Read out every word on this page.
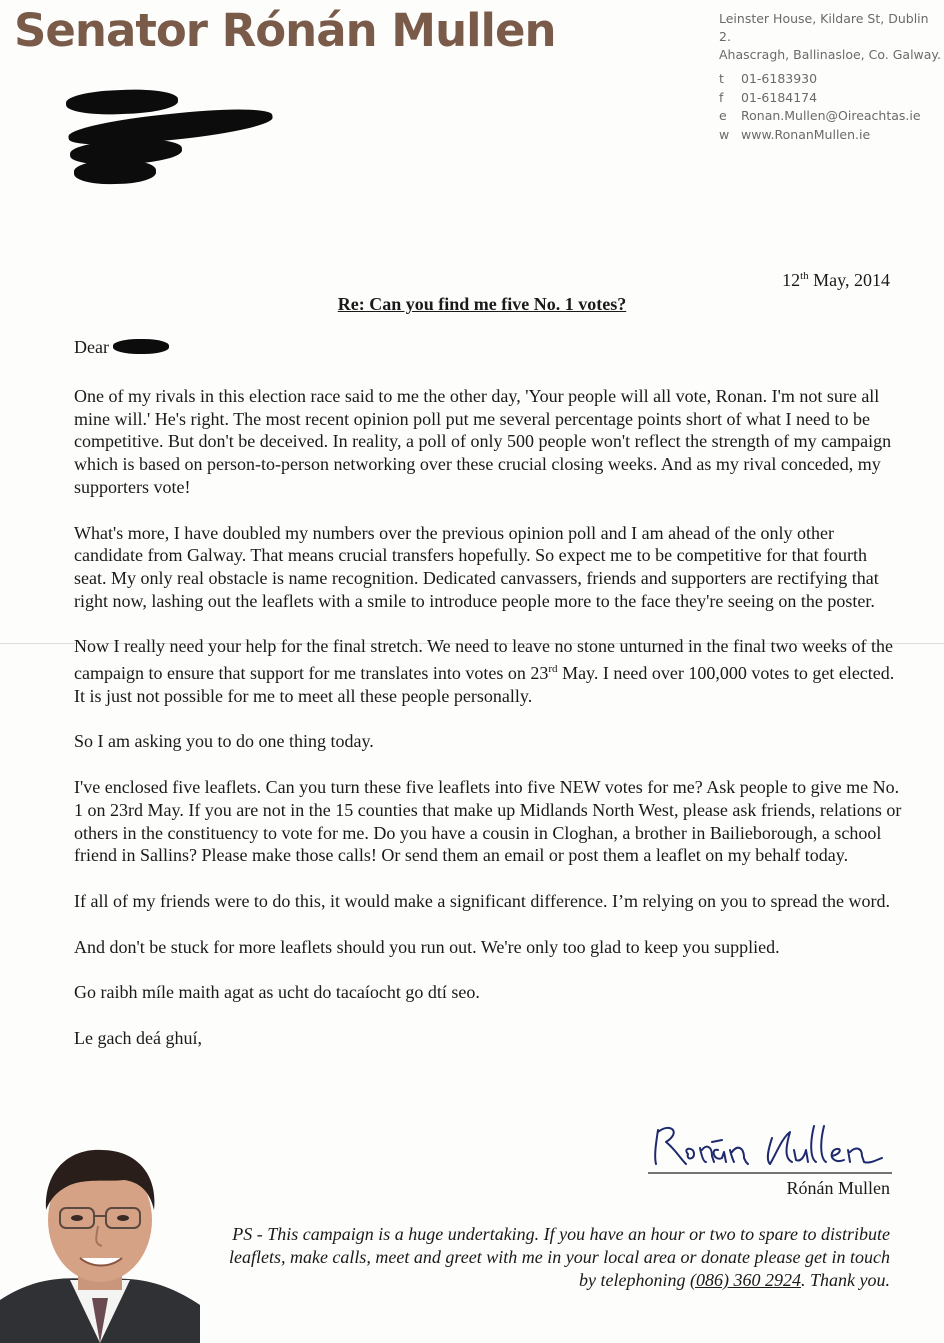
Senator Rónán Mullen	Leinster House, Kildare St, Dublin 2.
Ahascragh, Ballinasloe, Co. Galway.
t 01-6183930
f 01-6184174
e Ronan.Mullen@Oireachtas.ie
w www.RonanMullen.ie
12th May, 2014
Re: Can you find me five No. 1 votes?
Dear

One of my rivals in this election race said to me the other day, 'Your people will all vote, Ronan. I'm not sure all mine will.' He's right. The most recent opinion poll put me several percentage points short of what I need to be competitive. But don't be deceived. In reality, a poll of only 500 people won't reflect the strength of my campaign which is based on person-to-person networking over these crucial closing weeks. And as my rival conceded, my supporters vote!

What's more, I have doubled my numbers over the previous opinion poll and I am ahead of the only other candidate from Galway. That means crucial transfers hopefully. So expect me to be competitive for that fourth seat. My only real obstacle is name recognition. Dedicated canvassers, friends and supporters are rectifying that right now, lashing out the leaflets with a smile to introduce people more to the face they're seeing on the poster.

Now I really need your help for the final stretch. We need to leave no stone unturned in the final two weeks of the campaign to ensure that support for me translates into votes on 23rd May. I need over 100,000 votes to get elected. It is just not possible for me to meet all these people personally.

So I am asking you to do one thing today.

I've enclosed five leaflets. Can you turn these five leaflets into five NEW votes for me? Ask people to give me No. 1 on 23rd May. If you are not in the 15 counties that make up Midlands North West, please ask friends, relations or others in the constituency to vote for me. Do you have a cousin in Cloghan, a brother in Bailieborough, a school friend in Sallins? Please make those calls! Or send them an email or post them a leaflet on my behalf today.

If all of my friends were to do this, it would make a significant difference. I’m relying on you to spread the word.

And don't be stuck for more leaflets should you run out. We're only too glad to keep you supplied.

Go raibh míle maith agat as ucht do tacaíocht go dtí seo.

Le gach deá ghuí,

Rónán Mullen
PS - This campaign is a huge undertaking. If you have an hour or two to spare to distribute leaflets, make calls, meet and greet with me in your local area or donate please get in touch by telephoning (086) 360 2924. Thank you.
